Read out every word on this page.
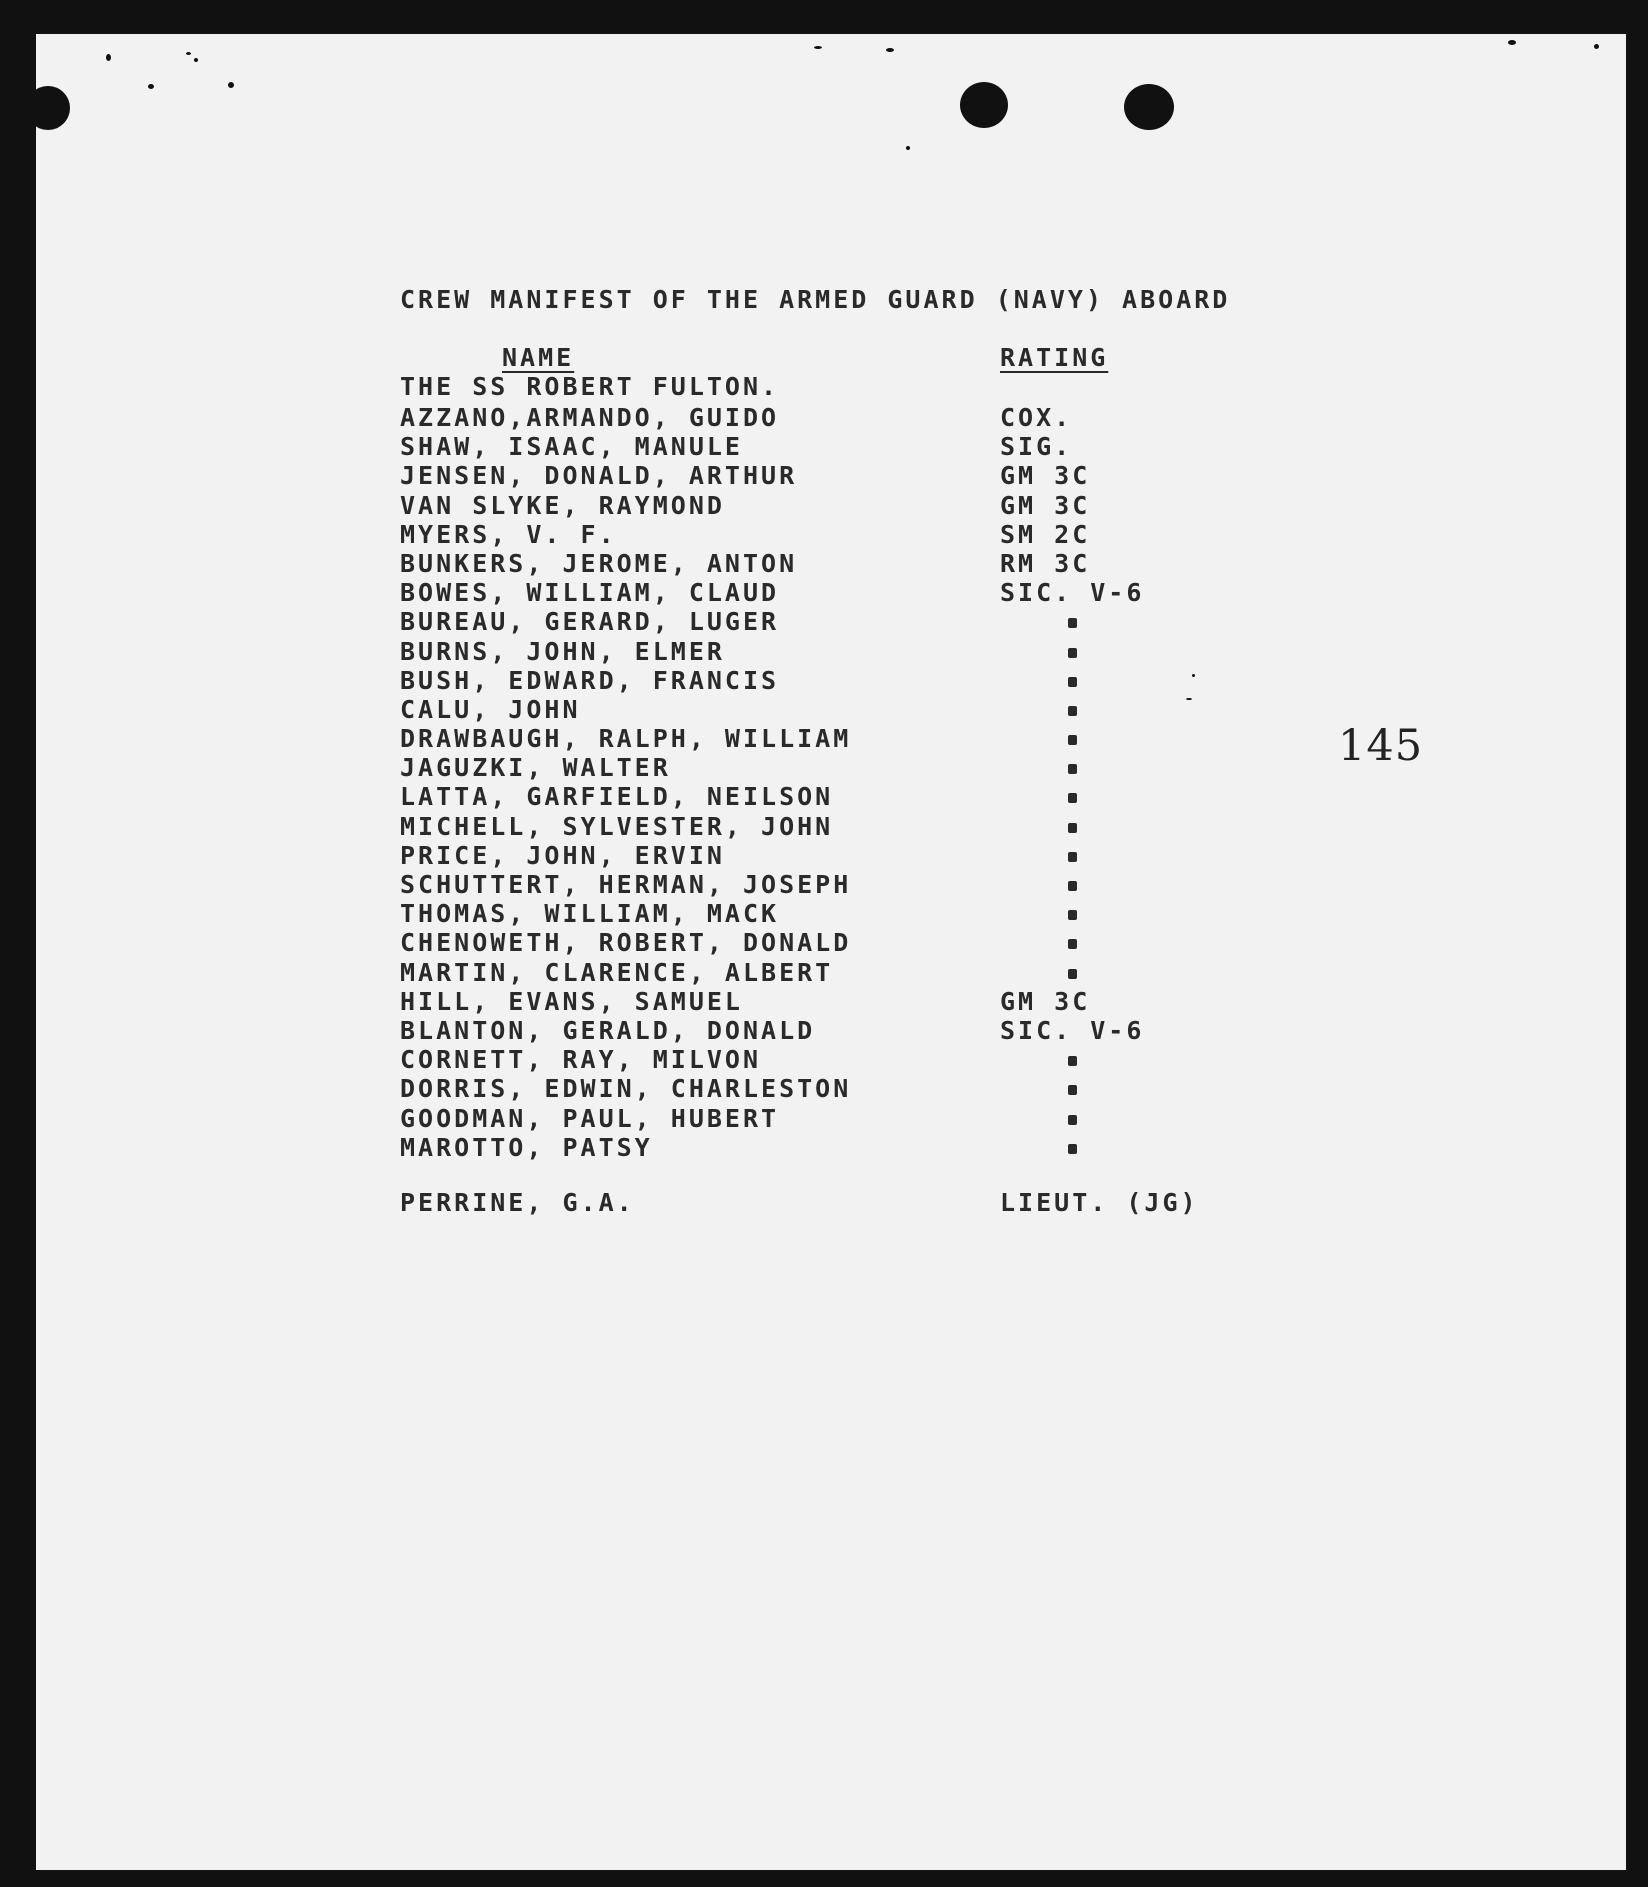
CREW MANIFEST OF THE ARMED GUARD (NAVY) ABOARD

THE SS ROBERT FULTON.

NAME	RATING
AZZANO,ARMANDO, GUIDO
SHAW, ISAAC, MANULE
JENSEN, DONALD, ARTHUR
VAN SLYKE, RAYMOND
MYERS, V. F.
BUNKERS, JEROME, ANTON
BOWES, WILLIAM, CLAUD
BUREAU, GERARD, LUGER
BURNS, JOHN, ELMER
BUSH, EDWARD, FRANCIS
CALU, JOHN
DRAWBAUGH, RALPH, WILLIAM
JAGUZKI, WALTER
LATTA, GARFIELD, NEILSON
MICHELL, SYLVESTER, JOHN
PRICE, JOHN, ERVIN
SCHUTTERT, HERMAN, JOSEPH
THOMAS, WILLIAM, MACK
CHENOWETH, ROBERT, DONALD
MARTIN, CLARENCE, ALBERT
HILL, EVANS, SAMUEL
BLANTON, GERALD, DONALD
CORNETT, RAY, MILVON
DORRIS, EDWIN, CHARLESTON
GOODMAN, PAUL, HUBERT
MAROTTO, PATSY
COX.
SIG.
GM 3C
GM 3C
SM 2C
RM 3C
SIC. V-6
GM 3C
SIC. V-6
PERRINE, G.A.	LIEUT. (JG)
145
